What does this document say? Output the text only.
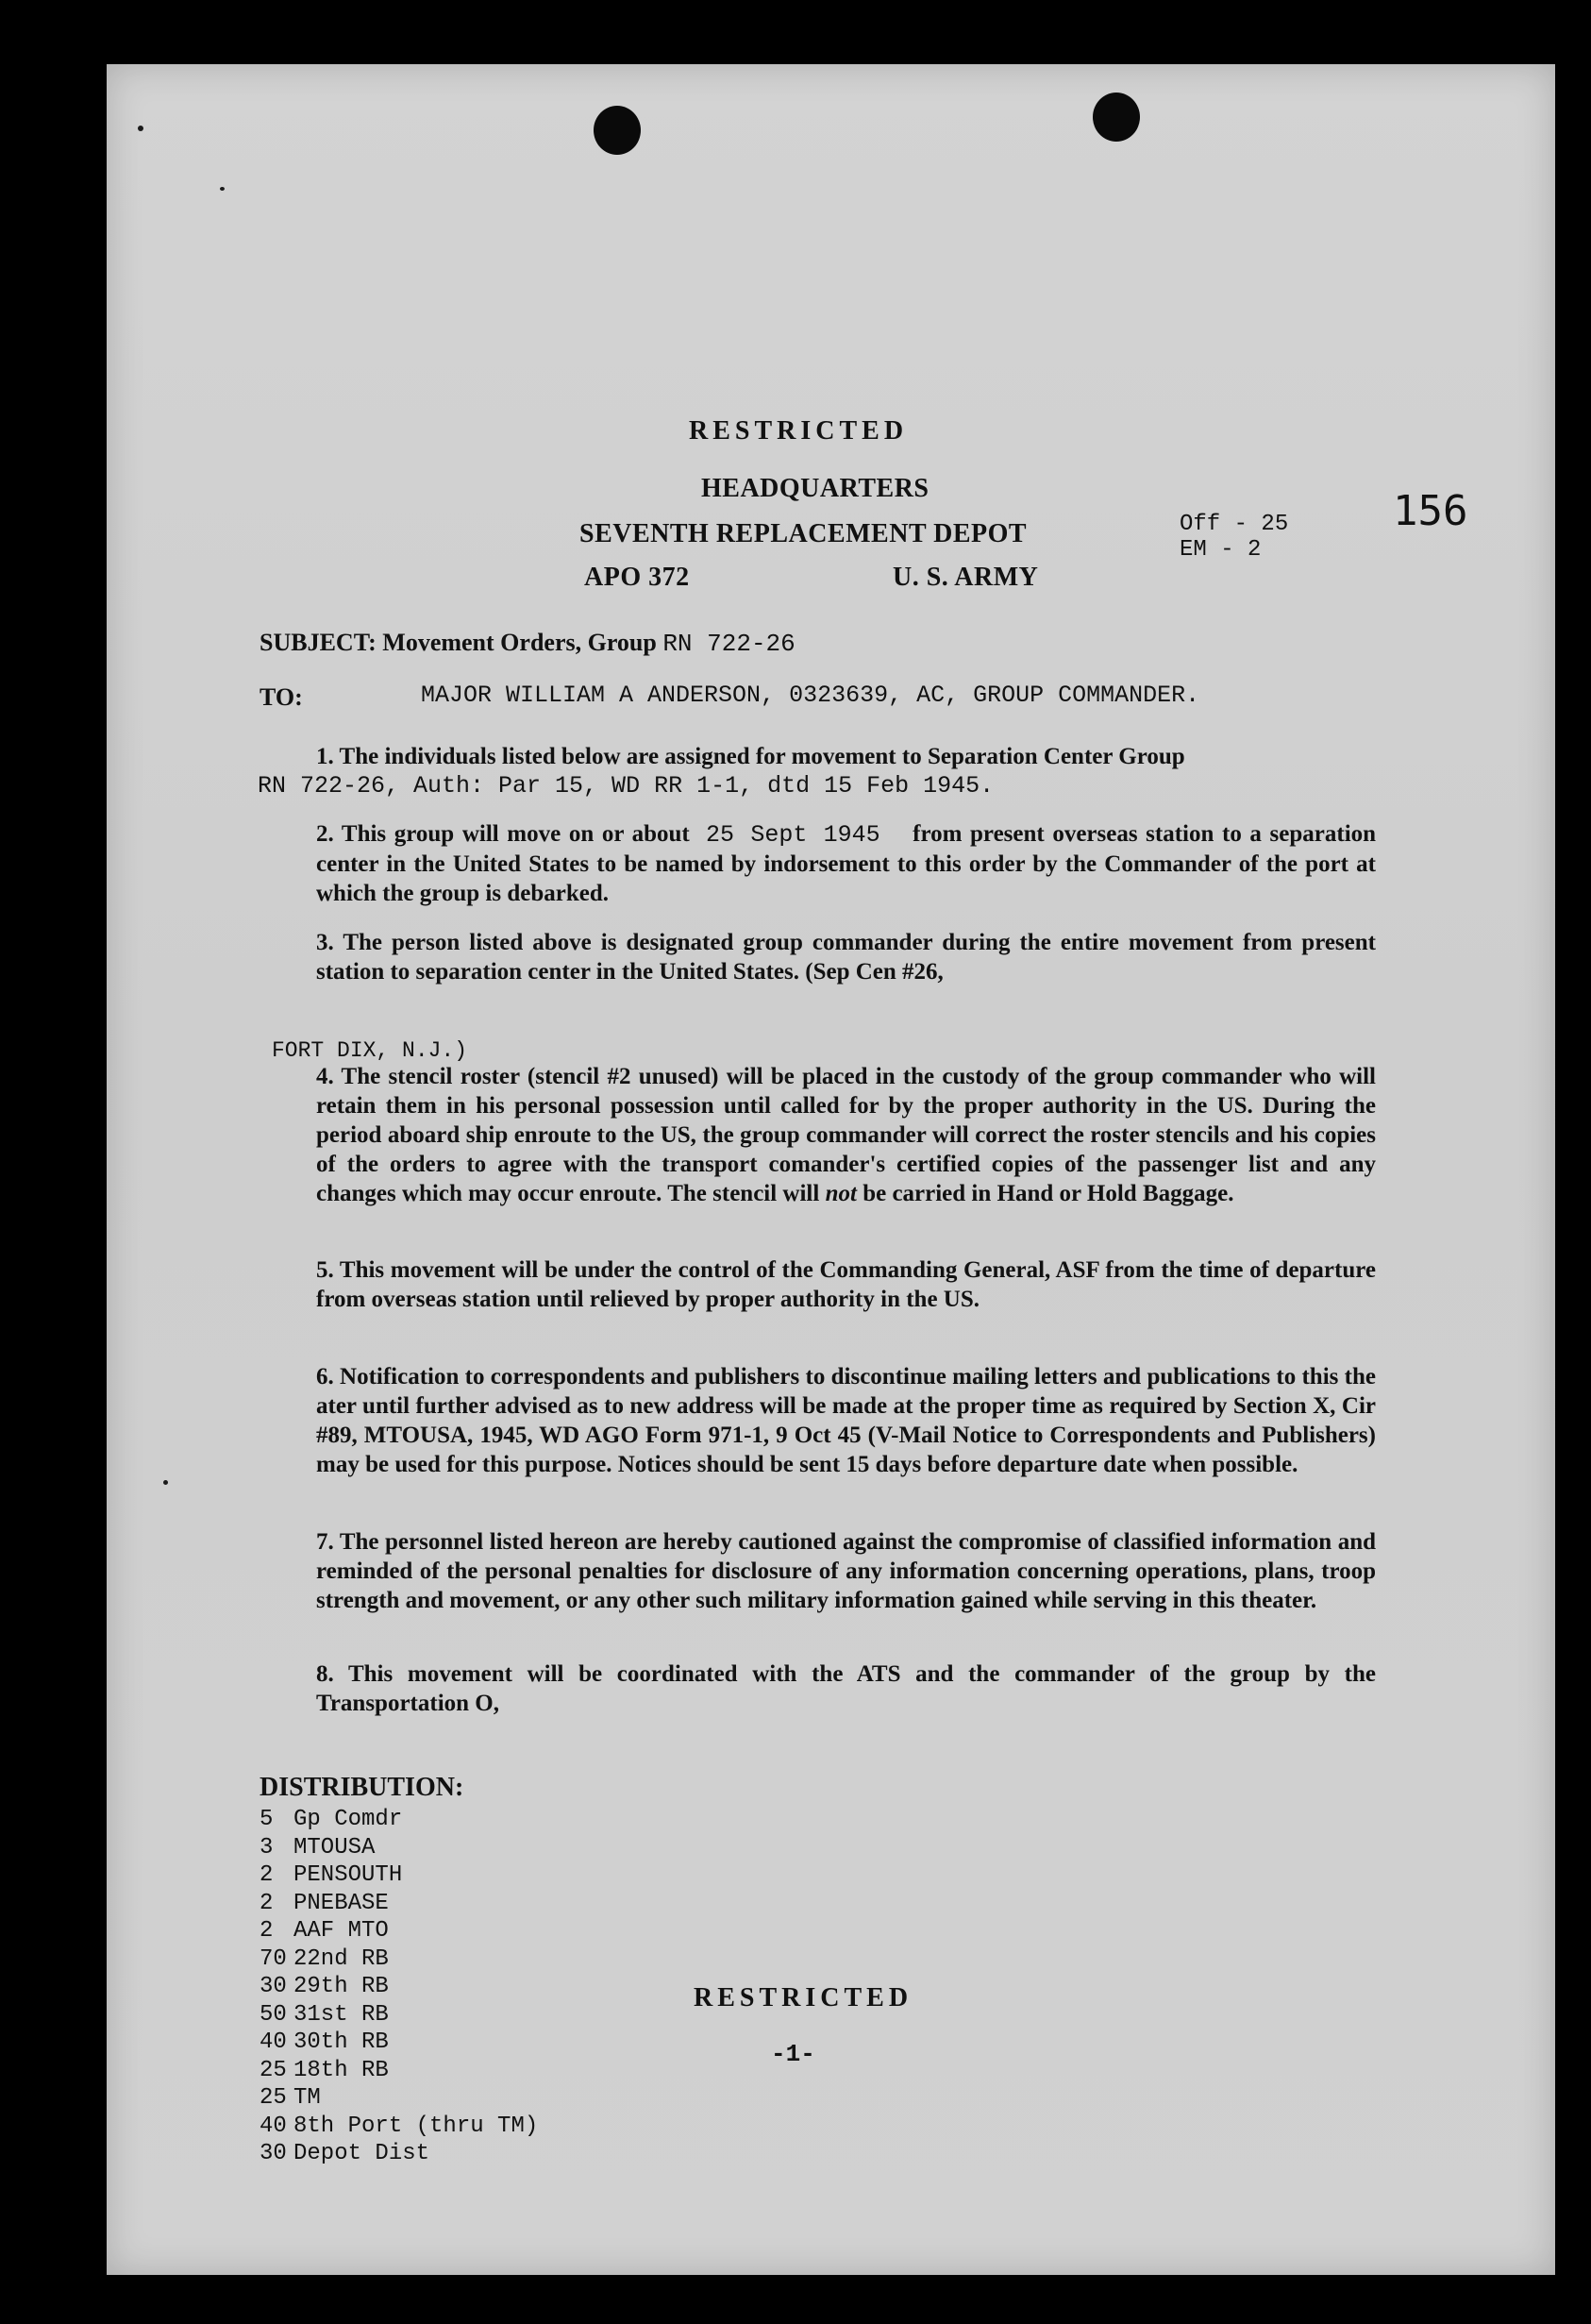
RESTRICTED
HEADQUARTERS
SEVENTH REPLACEMENT DEPOT
APO 372	U. S. ARMY
Off - 25
EM - 2
156
SUBJECT: Movement Orders, Group RN 722-26
TO:	MAJOR WILLIAM A ANDERSON, 0323639, AC, GROUP COMMANDER.
1. The individuals listed below are assigned for movement to Separation Center Group
RN 722-26, Auth: Par 15, WD RR 1-1, dtd 15 Feb 1945.
2. This group will move on or about 25 Sept 1945 from present overseas station to a separation center in the United States to be named by indorsement to this order by the Commander of the port at which the group is debarked.
3. The person listed above is designated group commander during the entire movement from present station to separation center in the United States. (Sep Cen #26,
FORT DIX, N.J.)
4. The stencil roster (stencil #2 unused) will be placed in the custody of the group commander who will retain them in his personal possession until called for by the proper authority in the US. During the period aboard ship enroute to the US, the group commander will correct the roster stencils and his copies of the orders to agree with the transport comander's certified copies of the passenger list and any changes which may occur enroute. The stencil will not be carried in Hand or Hold Baggage.
5. This movement will be under the control of the Commanding General, ASF from the time of departure from overseas station until relieved by proper authority in the US.
6. Notification to correspondents and publishers to discontinue mailing letters and publications to this the ater until further advised as to new address will be made at the proper time as required by Section X, Cir #89, MTOUSA, 1945, WD AGO Form 971-1, 9 Oct 45 (V-Mail Notice to Correspondents and Publishers) may be used for this purpose. Notices should be sent 15 days before departure date when possible.
7. The personnel listed hereon are hereby cautioned against the compromise of classified information and reminded of the personal penalties for disclosure of any information concerning operations, plans, troop strength and movement, or any other such military information gained while serving in this theater.
8. This movement will be coordinated with the ATS and the commander of the group by the Transportation O,
DISTRIBUTION:
5 Gp Comdr
3 MTOUSA
2 PENSOUTH
2 PNEBASE
2 AAF MTO
70 22nd RB
30 29th RB
50 31st RB
40 30th RB
25 18th RB
25 TM
40 8th Port (thru TM)
30 Depot Dist
RESTRICTED
-1-
